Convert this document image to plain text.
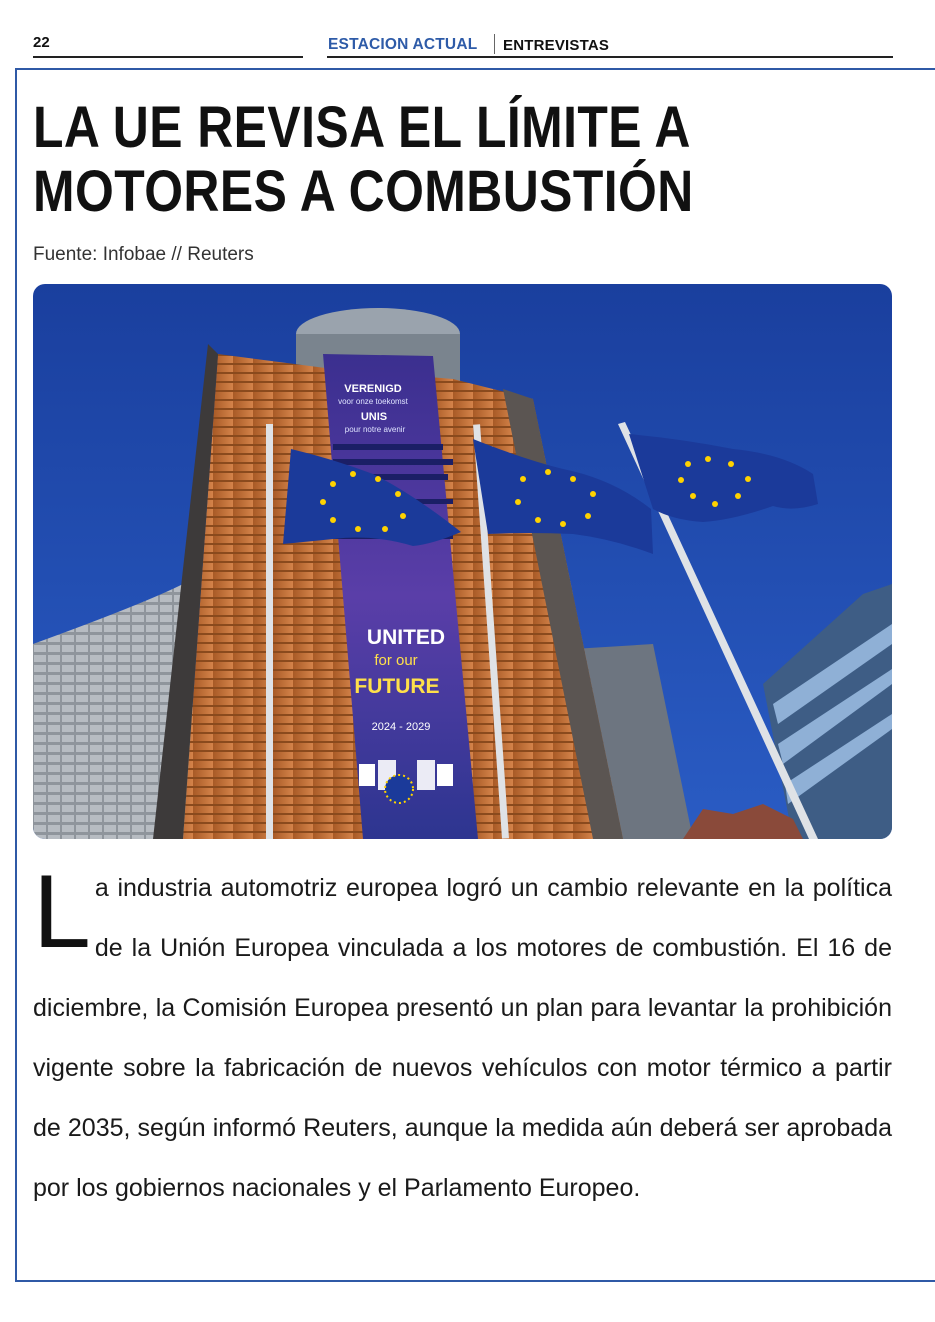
22	ESTACION ACTUAL ENTREVISTAS
LA UE REVISA EL LÍMITE A
MOTORES A COMBUSTIÓN
Fuente: Infobae // Reuters
VERENIGD
voor onze toekomst
UNIS
pour notre avenir
UNITED
for our
FUTURE
2024 - 2029

L a industria automotriz europea logró un cambio relevante en la política de la Unión Europea vinculada a los motores de combustión. El 16 de diciembre, la Comisión Europea presentó un plan para levantar la prohibición vigente sobre la fabricación de nuevos vehículos con motor térmico a partir de 2035, según informó Reuters, aunque la medida aún deberá ser aprobada por los gobiernos nacionales y el Parlamento Europeo.
